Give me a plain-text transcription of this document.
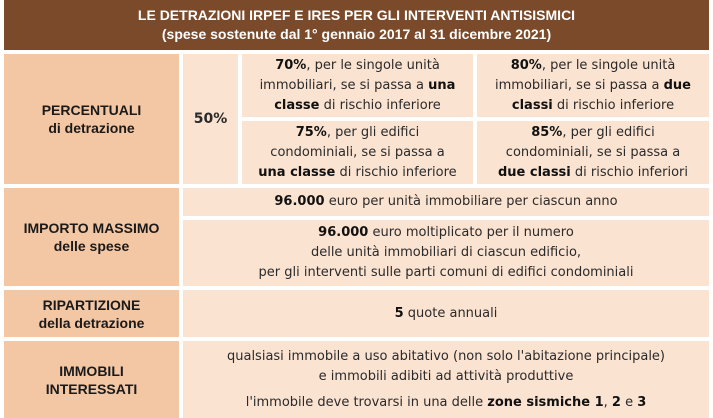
LE DETRAZIONI IRPEF E IRES PER GLI INTERVENTI ANTISISMICI
(spese sostenute dal 1° gennaio 2017 al 31 dicembre 2021)
PERCENTUALI
di detrazione
50%
70%, per le singole unità immobiliari, se si passa a una classe di rischio inferiore
80%, per le singole unità immobiliari, se si passa a due classi di rischio inferiore
75%, per gli edifici condominiali, se si passa a una classe di rischio inferiore
85%, per gli edifici condominiali, se si passa a due classi di rischio inferiori
IMPORTO MASSIMO
delle spese
96.000 euro per unità immobiliare per ciascun anno
96.000 euro moltiplicato per il numero
delle unità immobiliari di ciascun edificio,
per gli interventi sulle parti comuni di edifici condominiali
RIPARTIZIONE
della detrazione
5 quote annuali
IMMOBILI
INTERESSATI
qualsiasi immobile a uso abitativo (non solo l'abitazione principale)
e immobili adibiti ad attività produttive
l'immobile deve trovarsi in una delle zone sismiche 1, 2 e 3
